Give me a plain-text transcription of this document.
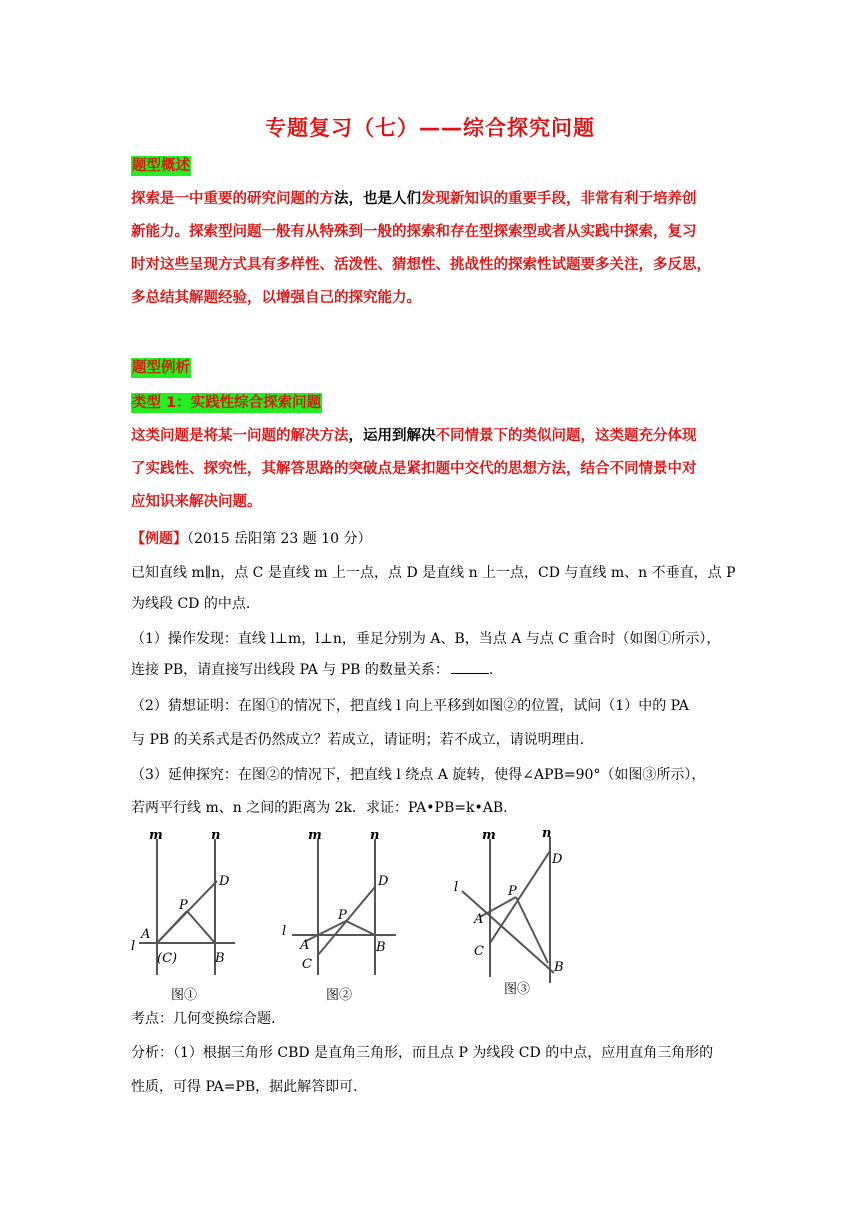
专题复习（七）——综合探究问题
题型概述
探索是一中重要的研究问题的方法，也是人们发现新知识的重要手段，非常有利于培养创
新能力。探索型问题一般有从特殊到一般的探索和存在型探索型或者从实践中探索，复习
时对这些呈现方式具有多样性、活泼性、猜想性、挑战性的探索性试题要多关注，多反思，
多总结其解题经验，以增强自己的探究能力。
题型例析
类型 1：实践性综合探索问题
这类问题是将某一问题的解决方法，运用到解决不同情景下的类似问题，这类题充分体现
了实践性、探究性，其解答思路的突破点是紧扣题中交代的思想方法，结合不同情景中对
应知识来解决问题。
【例题】（2015 岳阳第 23 题 10 分）
已知直线 m∥n，点 C 是直线 m 上一点，点 D 是直线 n 上一点，CD 与直线 m、n 不垂直，点 P
为线段 CD 的中点.
（1）操作发现：直线 l⊥m，l⊥n，垂足分别为 A、B，当点 A 与点 C 重合时（如图①所示），
连接 PB，请直接写出线段 PA 与 PB 的数量关系：	.
（2）猜想证明：在图①的情况下，把直线 l 向上平移到如图②的位置，试问（1）中的 PA
与 PB 的关系式是否仍然成立？若成立，请证明；若不成立，请说明理由.
（3）延伸探究：在图②的情况下，把直线 l 绕点 A 旋转，使得∠APB=90°（如图③所示），
若两平行线 m、n 之间的距离为 2k．求证：PA•PB=k•AB.
m	n
D
P
A
l
(C)	B
图①
m	n
D
P
A
l
C
B
图②
m	n
D
P
A
l
C
B
图③
考点：几何变换综合题.
分析：（1）根据三角形 CBD 是直角三角形，而且点 P 为线段 CD 的中点，应用直角三角形的
性质，可得 PA=PB，据此解答即可.
